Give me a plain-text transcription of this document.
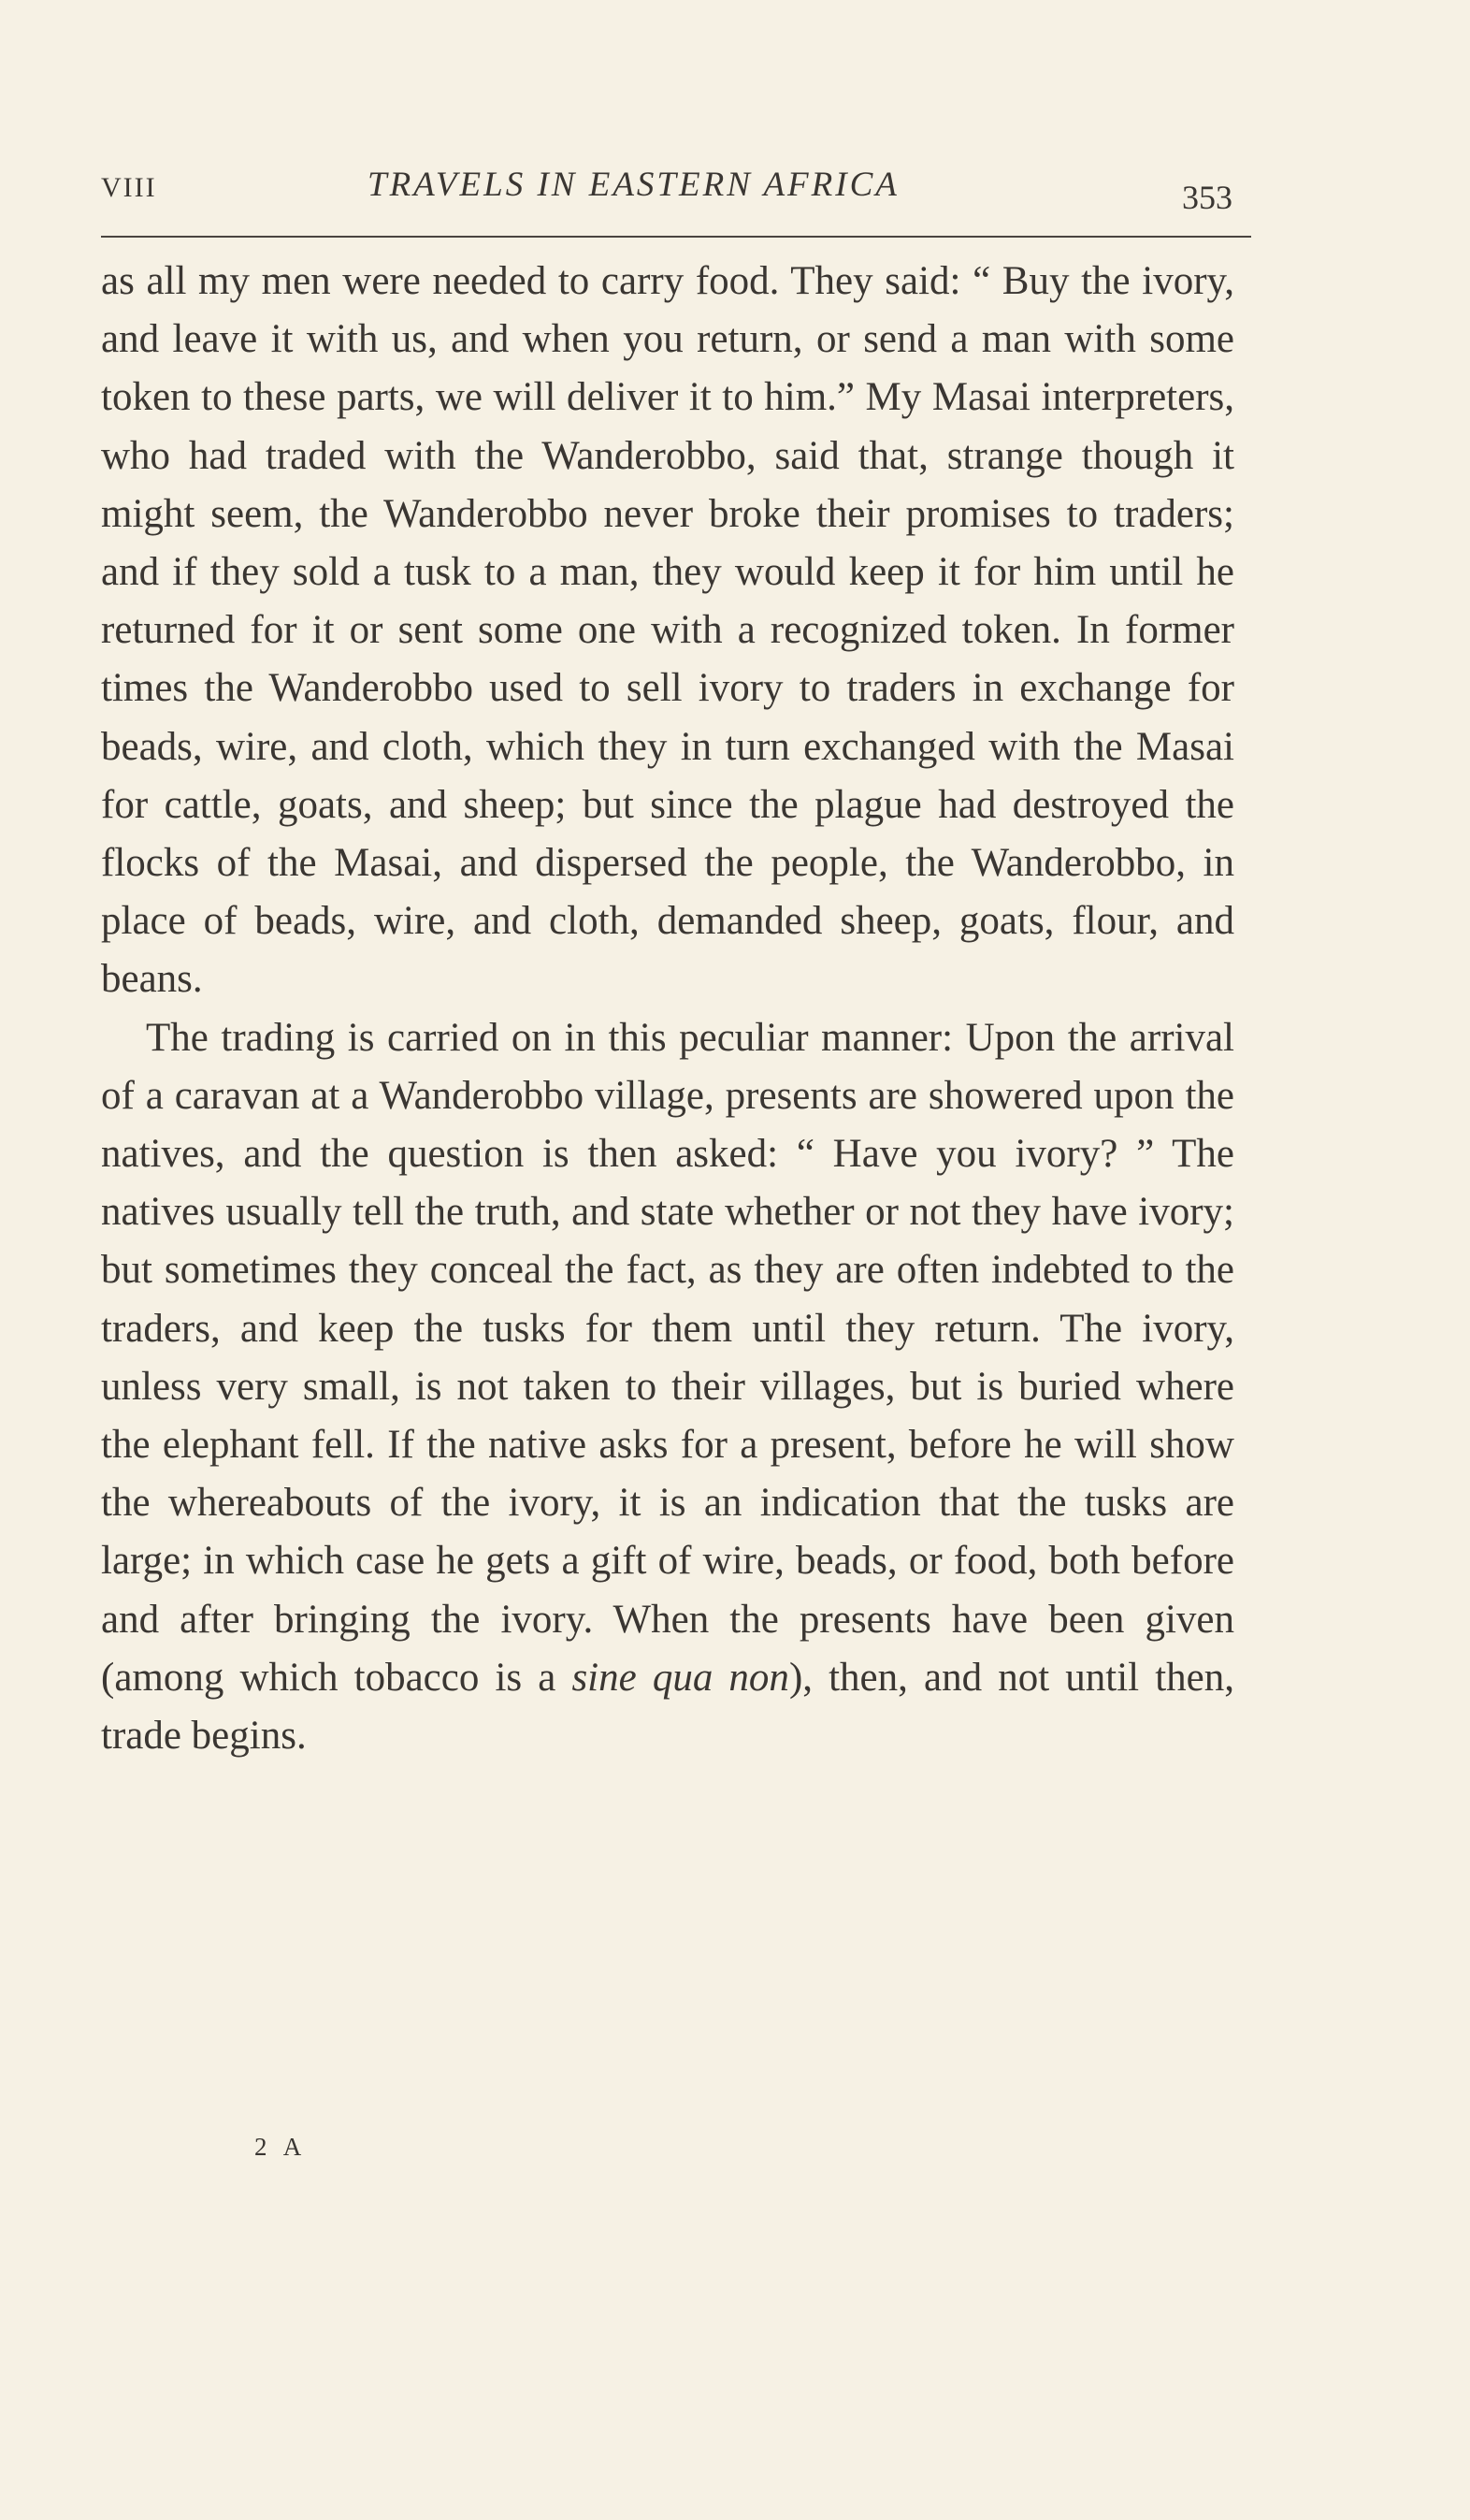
VIII	TRAVELS IN EASTERN AFRICA	353

as all my men were needed to carry food. They said: “ Buy the ivory, and leave it with us, and when you return, or send a man with some token to these parts, we will deliver it to him.” My Masai interpreters, who had traded with the Wanderobbo, said that, strange though it might seem, the Wanderobbo never broke their promises to traders; and if they sold a tusk to a man, they would keep it for him until he returned for it or sent some one with a recognized token. In former times the Wanderobbo used to sell ivory to traders in exchange for beads, wire, and cloth, which they in turn exchanged with the Masai for cattle, goats, and sheep; but since the plague had destroyed the flocks of the Masai, and dispersed the people, the Wanderobbo, in place of beads, wire, and cloth, demanded sheep, goats, flour, and beans.

The trading is carried on in this peculiar manner: Upon the arrival of a caravan at a Wanderobbo village, presents are showered upon the natives, and the question is then asked: “ Have you ivory? ” The natives usually tell the truth, and state whether or not they have ivory; but sometimes they conceal the fact, as they are often indebted to the traders, and keep the tusks for them until they return. The ivory, unless very small, is not taken to their villages, but is buried where the elephant fell. If the native asks for a present, before he will show the whereabouts of the ivory, it is an indication that the tusks are large; in which case he gets a gift of wire, beads, or food, both before and after bringing the ivory. When the presents have been given (among which tobacco is a sine qua non), then, and not until then, trade begins.

2 A
